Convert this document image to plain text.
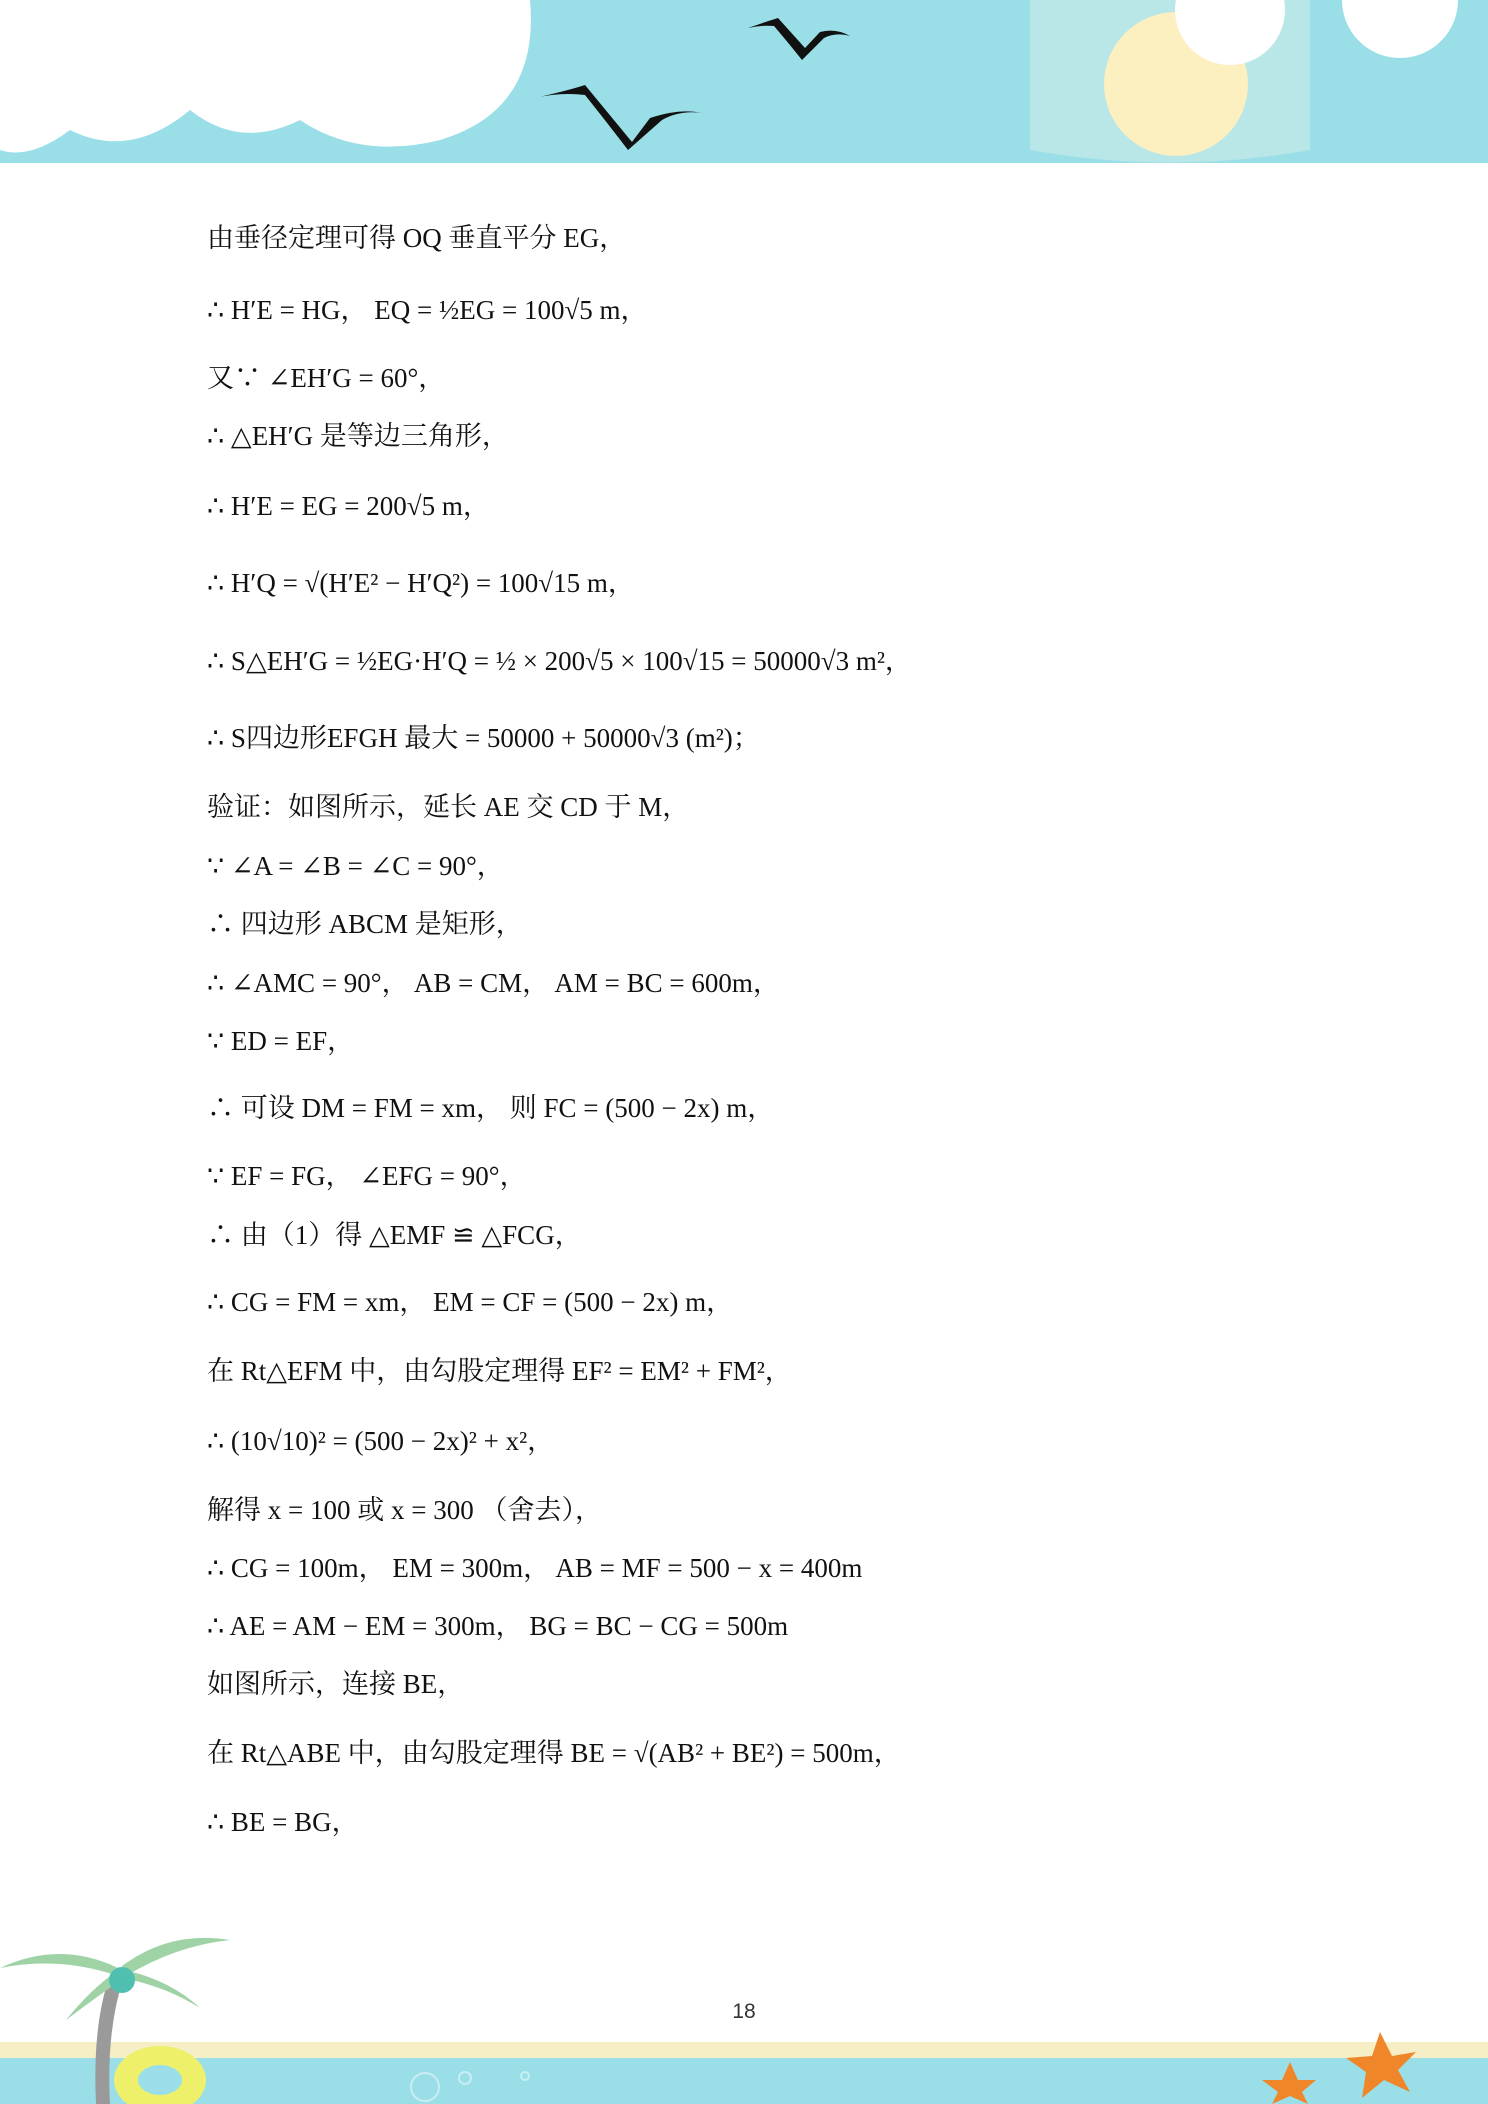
由垂径定理可得 OQ 垂直平分 EG，
∴ H′E = HG， EQ = ½EG = 100√5 m，
又∵ ∠EH′G = 60°，
∴ △EH′G 是等边三角形，
∴ H′E = EG = 200√5 m，
∴ H′Q = √(H′E² − H′Q²) = 100√15 m，
∴ S△EH′G = ½EG·H′Q = ½ × 200√5 × 100√15 = 50000√3 m²，
∴ S四边形EFGH 最大 = 50000 + 50000√3 (m²)；
验证：如图所示，延长 AE 交 CD 于 M，
∵ ∠A = ∠B = ∠C = 90°，
∴ 四边形 ABCM 是矩形，
∴ ∠AMC = 90°， AB = CM， AM = BC = 600m，
∵ ED = EF，
∴ 可设 DM = FM = xm， 则 FC = (500 − 2x) m，
∵ EF = FG， ∠EFG = 90°，
∴ 由（1）得 △EMF ≌ △FCG，
∴ CG = FM = xm， EM = CF = (500 − 2x) m，
在 Rt△EFM 中，由勾股定理得 EF² = EM² + FM²，
∴ (10√10)² = (500 − 2x)² + x²，
解得 x = 100 或 x = 300 （舍去），
∴ CG = 100m， EM = 300m， AB = MF = 500 − x = 400m
∴ AE = AM − EM = 300m， BG = BC − CG = 500m
如图所示，连接 BE，
在 Rt△ABE 中，由勾股定理得 BE = √(AB² + BE²) = 500m，
∴ BE = BG，
18
